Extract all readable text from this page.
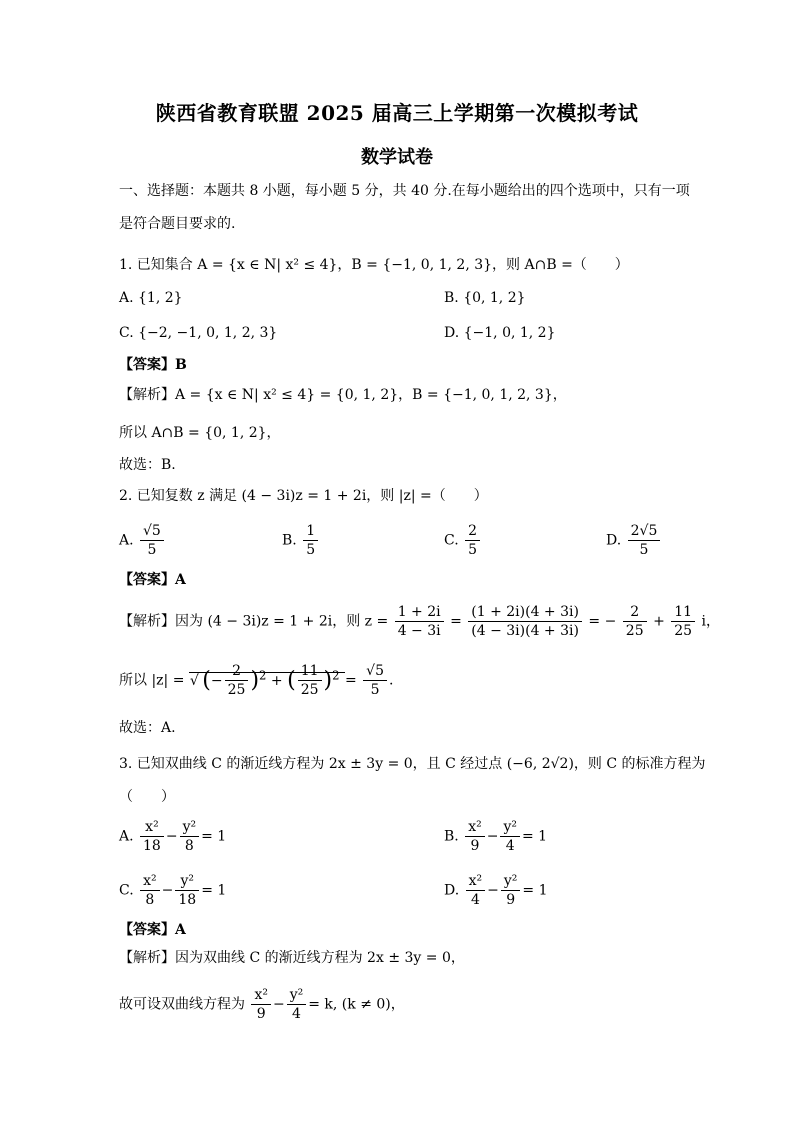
陕西省教育联盟 2025 届高三上学期第一次模拟考试
数学试卷
一、选择题：本题共 8 小题，每小题 5 分，共 40 分.在每小题给出的四个选项中，只有一项
是符合题目要求的.
1. 已知集合 A = {x ∈ N| x² ≤ 4}，B = {−1, 0, 1, 2, 3}，则 A∩B =（　　）
A. {1, 2}	B. {0, 1, 2}
C. {−2, −1, 0, 1, 2, 3}	D. {−1, 0, 1, 2}
【答案】B
【解析】A = {x ∈ N| x² ≤ 4} = {0, 1, 2}，B = {−1, 0, 1, 2, 3}，
所以 A∩B = {0, 1, 2}，
故选：B.
2. 已知复数 z 满足 (4 − 3i)z = 1 + 2i，则 |z| =（　　）
A. $\frac{√5}{5}$	B. $\frac{1}{5}$	C. $\frac{2}{5}$	D. $\frac{2√5}{5}$
【答案】A
【解析】因为 (4 − 3i)z = 1 + 2i，则 $z = \frac{1 + 2i}{4 - 3i} = \frac{(1 + 2i)(4 + 3i)}{(4 - 3i)(4 + 3i)}$ = − $\frac{2}{25} + \frac{11}{25}$ i，
所以 |z| =  √ (− $\frac{2}{25} )^2$ + ( $\frac{11}{25} )^2 = \frac{√5}{5}$ .
故选：A.
3. 已知双曲线 C 的渐近线方程为 2x ± 3y = 0，且 C 经过点 (−6, 2√2)，则 C 的标准方程为
（　　）
A. $\frac{\text{x²}}{18} - \frac{\text{y²}}{8} = 1$	B. $\frac{\text{x²}}{9} - \frac{\text{y²}}{4} = 1$
C. $\frac{\text{x²}}{8} - \frac{\text{y²}}{18} = 1$	D. $\frac{\text{x²}}{4} - \frac{\text{y²}}{9} = 1$
【答案】A
【解析】因为双曲线 C 的渐近线方程为 2x ± 3y = 0，
故可设双曲线方程为 $\frac{\text{x²}}{9} - \frac{\text{y²}}{4} = k$, (k ≠ 0)，
